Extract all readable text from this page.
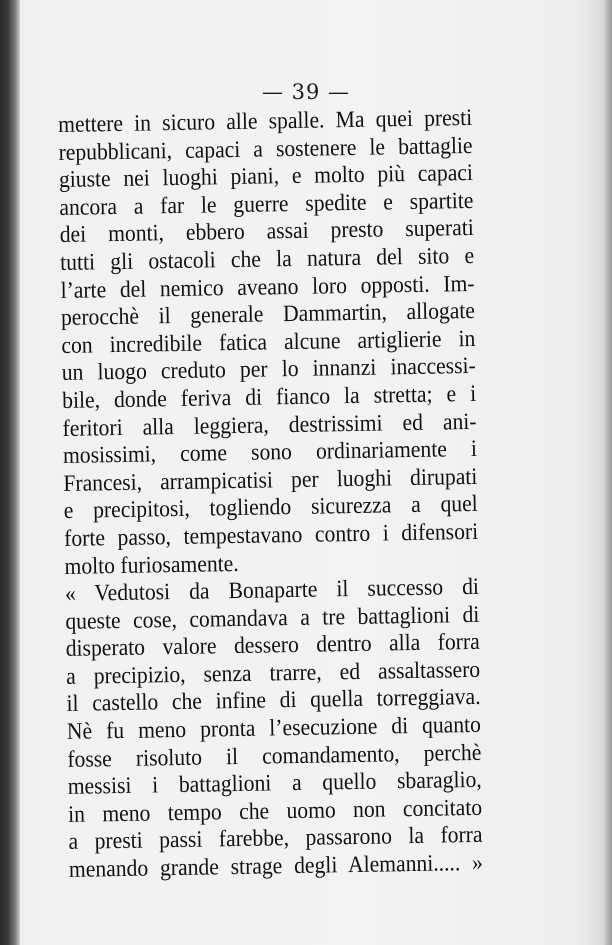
— 39 —
mettere in sicuro alle spalle. Ma quei presti
repubblicani, capaci a sostenere le battaglie
giuste nei luoghi piani, e molto più capaci
ancora a far le guerre spedite e spartite
dei monti, ebbero assai presto superati
tutti gli ostacoli che la natura del sito e
l’arte del nemico aveano loro opposti. Im-
perocchè il generale Dammartin, allogate
con incredibile fatica alcune artiglierie in
un luogo creduto per lo innanzi inaccessi-
bile, donde feriva di fianco la stretta; e i
feritori alla leggiera, destrissimi ed ani-
mosissimi, come sono ordinariamente i
Francesi, arrampicatisi per luoghi dirupati
e precipitosi, togliendo sicurezza a quel
forte passo, tempestavano contro i difensori
molto furiosamente.
« Vedutosi da Bonaparte il successo di
queste cose, comandava a tre battaglioni di
disperato valore dessero dentro alla forra
a precipizio, senza trarre, ed assaltassero
il castello che infine di quella torreggiava.
Nè fu meno pronta l’esecuzione di quanto
fosse risoluto il comandamento, perchè
messisi i battaglioni a quello sbaraglio,
in meno tempo che uomo non concitato
a presti passi farebbe, passarono la forra
menando grande strage degli Alemanni..... »
